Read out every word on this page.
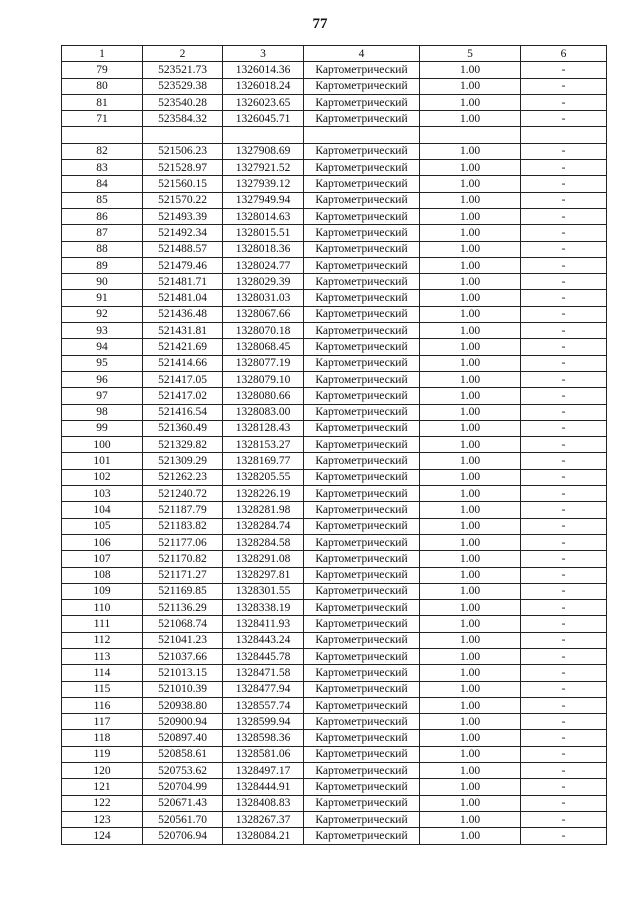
77
1	2	3	4	5	6
79	523521.73	1326014.36	Картометрический	1.00	-
80	523529.38	1326018.24	Картометрический	1.00	-
81	523540.28	1326023.65	Картометрический	1.00	-
71	523584.32	1326045.71	Картометрический	1.00	-

82	521506.23	1327908.69	Картометрический	1.00	-
83	521528.97	1327921.52	Картометрический	1.00	-
84	521560.15	1327939.12	Картометрический	1.00	-
85	521570.22	1327949.94	Картометрический	1.00	-
86	521493.39	1328014.63	Картометрический	1.00	-
87	521492.34	1328015.51	Картометрический	1.00	-
88	521488.57	1328018.36	Картометрический	1.00	-
89	521479.46	1328024.77	Картометрический	1.00	-
90	521481.71	1328029.39	Картометрический	1.00	-
91	521481.04	1328031.03	Картометрический	1.00	-
92	521436.48	1328067.66	Картометрический	1.00	-
93	521431.81	1328070.18	Картометрический	1.00	-
94	521421.69	1328068.45	Картометрический	1.00	-
95	521414.66	1328077.19	Картометрический	1.00	-
96	521417.05	1328079.10	Картометрический	1.00	-
97	521417.02	1328080.66	Картометрический	1.00	-
98	521416.54	1328083.00	Картометрический	1.00	-
99	521360.49	1328128.43	Картометрический	1.00	-
100	521329.82	1328153.27	Картометрический	1.00	-
101	521309.29	1328169.77	Картометрический	1.00	-
102	521262.23	1328205.55	Картометрический	1.00	-
103	521240.72	1328226.19	Картометрический	1.00	-
104	521187.79	1328281.98	Картометрический	1.00	-
105	521183.82	1328284.74	Картометрический	1.00	-
106	521177.06	1328284.58	Картометрический	1.00	-
107	521170.82	1328291.08	Картометрический	1.00	-
108	521171.27	1328297.81	Картометрический	1.00	-
109	521169.85	1328301.55	Картометрический	1.00	-
110	521136.29	1328338.19	Картометрический	1.00	-
111	521068.74	1328411.93	Картометрический	1.00	-
112	521041.23	1328443.24	Картометрический	1.00	-
113	521037.66	1328445.78	Картометрический	1.00	-
114	521013.15	1328471.58	Картометрический	1.00	-
115	521010.39	1328477.94	Картометрический	1.00	-
116	520938.80	1328557.74	Картометрический	1.00	-
117	520900.94	1328599.94	Картометрический	1.00	-
118	520897.40	1328598.36	Картометрический	1.00	-
119	520858.61	1328581.06	Картометрический	1.00	-
120	520753.62	1328497.17	Картометрический	1.00	-
121	520704.99	1328444.91	Картометрический	1.00	-
122	520671.43	1328408.83	Картометрический	1.00	-
123	520561.70	1328267.37	Картометрический	1.00	-
124	520706.94	1328084.21	Картометрический	1.00	-
